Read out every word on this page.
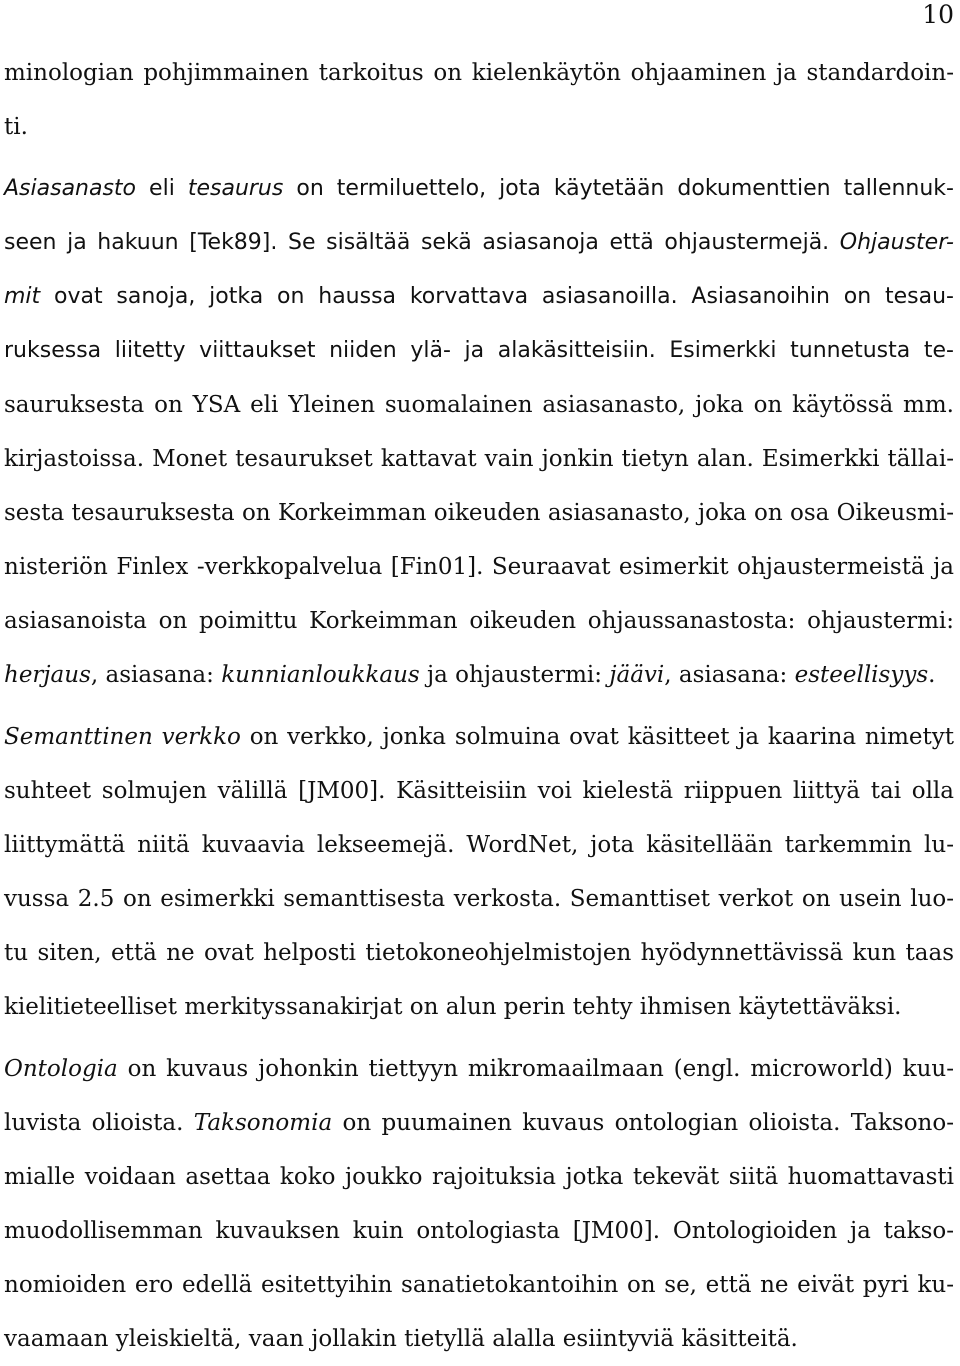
10
minologian pohjimmainen tarkoitus on kielenkäytön ohjaaminen ja standardoin-
ti.
Asiasanasto eli tesaurus on termiluettelo, jota käytetään dokumenttien tallennuk-
seen ja hakuun [Tek89]. Se sisältää sekä asiasanoja että ohjaustermejä. Ohjauster-
mit ovat sanoja, jotka on haussa korvattava asiasanoilla. Asiasanoihin on tesau-
ruksessa liitetty viittaukset niiden ylä- ja alakäsitteisiin. Esimerkki tunnetusta te-
sauruksesta on YSA eli Yleinen suomalainen asiasanasto, joka on käytössä mm.
kirjastoissa. Monet tesaurukset kattavat vain jonkin tietyn alan. Esimerkki tällai-
sesta tesauruksesta on Korkeimman oikeuden asiasanasto, joka on osa Oikeusmi-
nisteriön Finlex -verkkopalvelua [Fin01]. Seuraavat esimerkit ohjaustermeistä ja
asiasanoista on poimittu Korkeimman oikeuden ohjaussanastosta: ohjaustermi:
herjaus, asiasana: kunnianloukkaus ja ohjaustermi: jäävi, asiasana: esteellisyys.
Semanttinen verkko on verkko, jonka solmuina ovat käsitteet ja kaarina nimetyt
suhteet solmujen välillä [JM00]. Käsitteisiin voi kielestä riippuen liittyä tai olla
liittymättä niitä kuvaavia lekseemejä. WordNet, jota käsitellään tarkemmin lu-
vussa 2.5 on esimerkki semanttisesta verkosta. Semanttiset verkot on usein luo-
tu siten, että ne ovat helposti tietokoneohjelmistojen hyödynnettävissä kun taas
kielitieteelliset merkityssanakirjat on alun perin tehty ihmisen käytettäväksi.
Ontologia on kuvaus johonkin tiettyyn mikromaailmaan (engl. microworld) kuu-
luvista olioista. Taksonomia on puumainen kuvaus ontologian olioista. Taksono-
mialle voidaan asettaa koko joukko rajoituksia jotka tekevät siitä huomattavasti
muodollisemman kuvauksen kuin ontologiasta [JM00]. Ontologioiden ja takso-
nomioiden ero edellä esitettyihin sanatietokantoihin on se, että ne eivät pyri ku-
vaamaan yleiskieltä, vaan jollakin tietyllä alalla esiintyviä käsitteitä.
